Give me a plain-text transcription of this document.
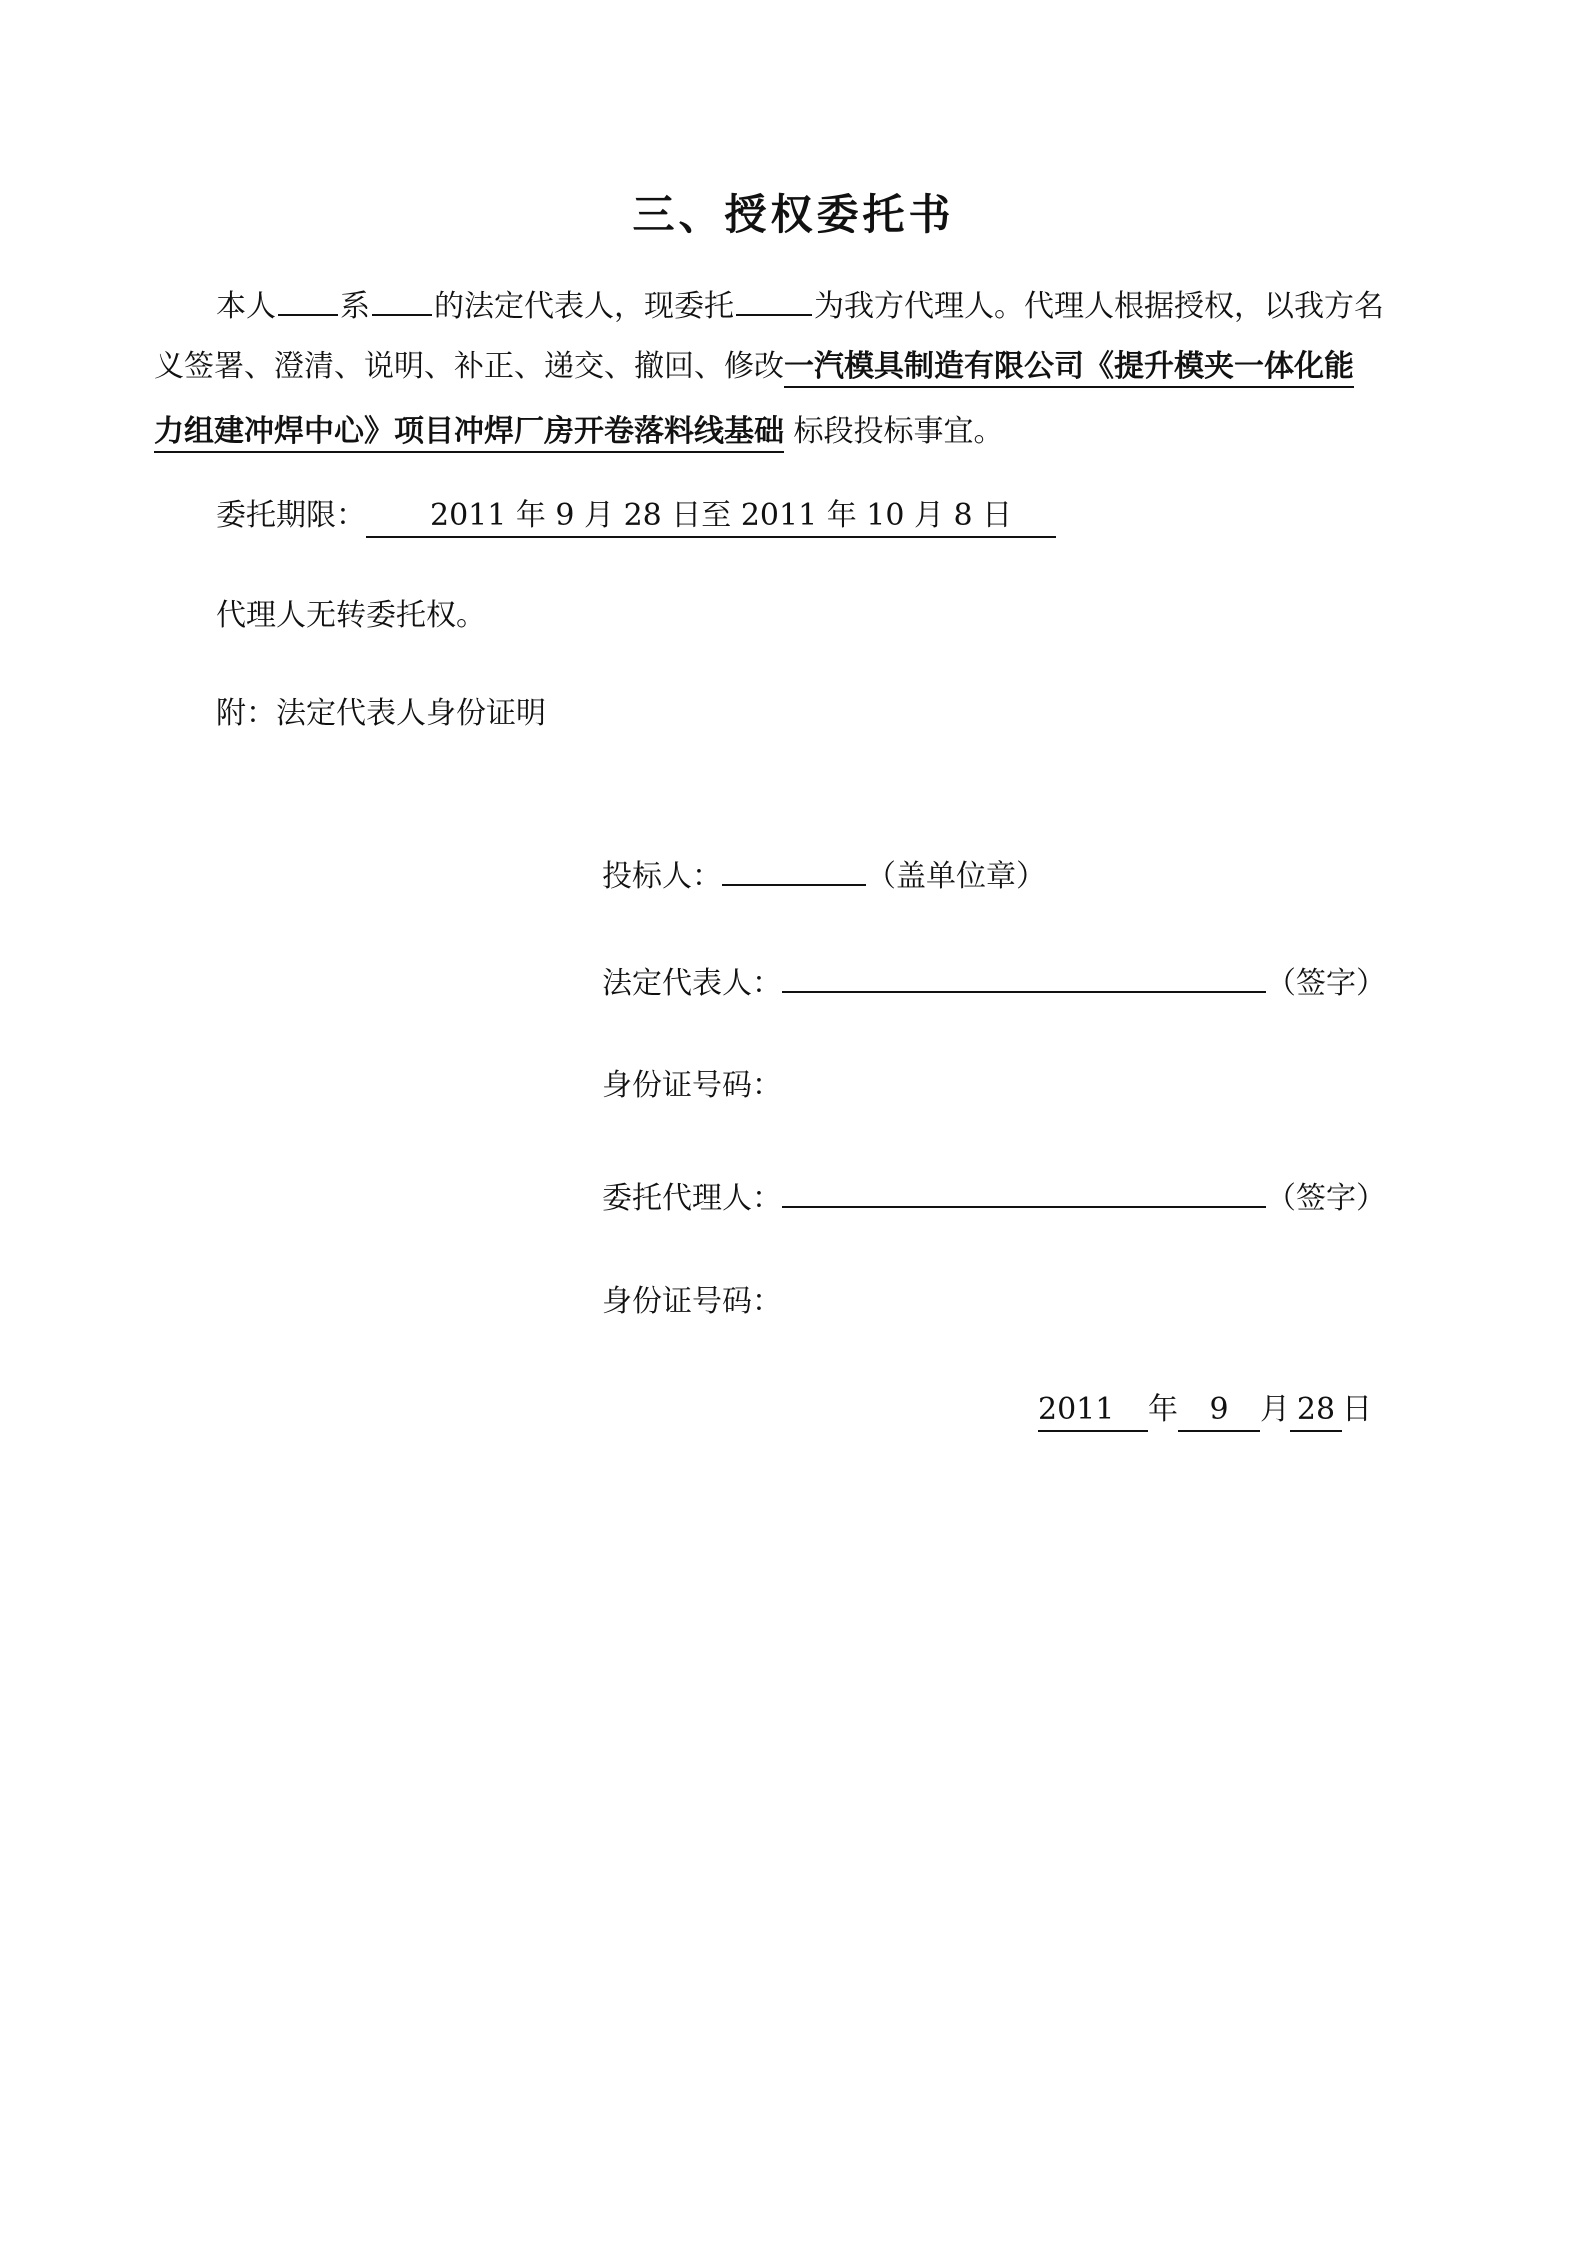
三、授权委托书
本人 系 的法定代表人，现委托	为我方代理人。代理人根据授权，以我方名
义签署、澄清、说明、补正、递交、撤回、修改一汽模具制造有限公司《提升模夹一体化能
力组建冲焊中心》项目冲焊厂房开卷落料线基础 标段投标事宜。
委托期限： 2011 年 9 月 28 日至 2011 年 10 月 8 日
代理人无转委托权。
附：法定代表人身份证明
投标人：	（盖单位章）
法定代表人：	（签字）
身份证号码：
委托代理人：	（签字）
身份证号码：
2011 年 9 月 28 日
